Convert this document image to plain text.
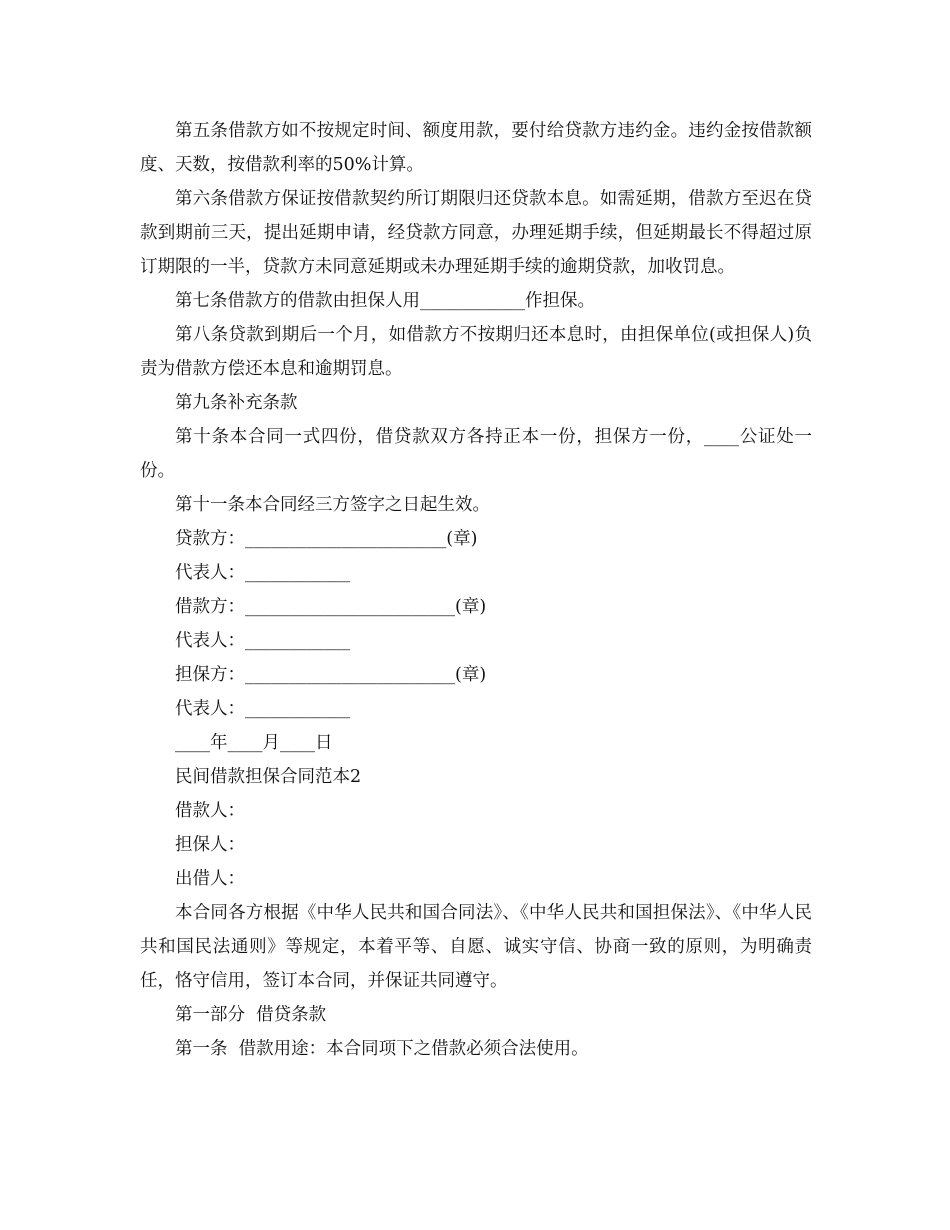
第五条借款方如不按规定时间、额度用款，要付给贷款方违约金。违约金按借款额度、天数，按借款利率的50%计算。

第六条借款方保证按借款契约所订期限归还贷款本息。如需延期，借款方至迟在贷款到期前三天，提出延期申请，经贷款方同意，办理延期手续，但延期最长不得超过原订期限的一半，贷款方未同意延期或未办理延期手续的逾期贷款，加收罚息。

第七条借款方的借款由担保人用____________作担保。

第八条贷款到期后一个月，如借款方不按期归还本息时，由担保单位(或担保人)负责为借款方偿还本息和逾期罚息。

第九条补充条款

第十条本合同一式四份，借贷款双方各持正本一份，担保方一份，____公证处一份。

第十一条本合同经三方签字之日起生效。

贷款方：_______________________(章)

代表人：____________

借款方：________________________(章)

代表人：____________

担保方：________________________(章)

代表人：____________

____年____月____日

民间借款担保合同范本2

借款人：

担保人：

出借人：

本合同各方根据《中华人民共和国合同法》、《中华人民共和国担保法》、《中华人民共和国民法通则》等规定，本着平等、自愿、诚实守信、协商一致的原则，为明确责任，恪守信用，签订本合同，并保证共同遵守。

第一部分  借贷条款

第一条  借款用途：本合同项下之借款必须合法使用。
